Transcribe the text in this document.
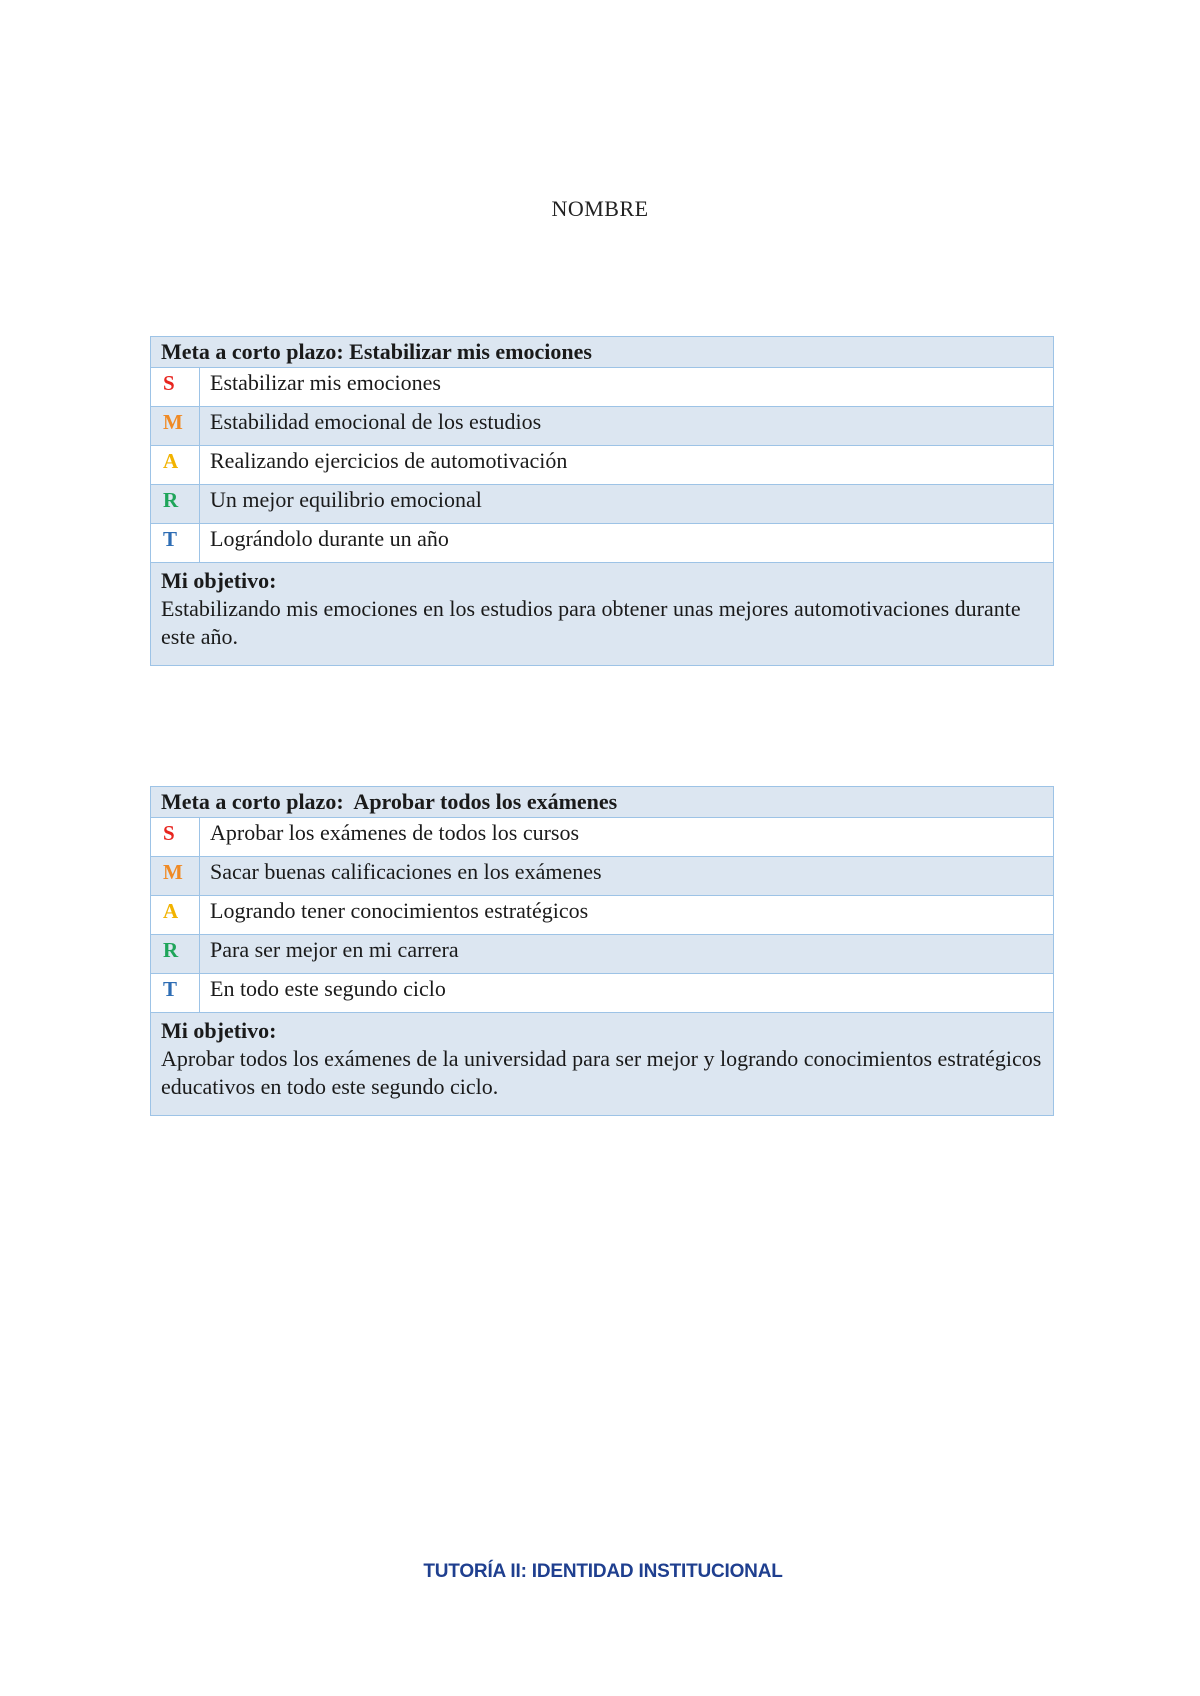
NOMBRE
Meta a corto plazo: Estabilizar mis emociones	
S	Estabilizar mis emociones
M	Estabilidad emocional de los estudios
A	Realizando ejercicios de automotivación
R	Un mejor equilibrio emocional
T	Lográndolo durante un año

Mi objetivo:
Estabilizando mis emociones en los estudios para obtener unas mejores automotivaciones durante este año.	
Meta a corto plazo:  Aprobar todos los exámenes	
S	Aprobar los exámenes de todos los cursos
M	Sacar buenas calificaciones en los exámenes
A	Logrando tener conocimientos estratégicos
R	Para ser mejor en mi carrera
T	En todo este segundo ciclo

Mi objetivo:
Aprobar todos los exámenes de la universidad para ser mejor y logrando conocimientos estratégicos educativos en todo este segundo ciclo.	
TUTORÍA II: IDENTIDAD INSTITUCIONAL
